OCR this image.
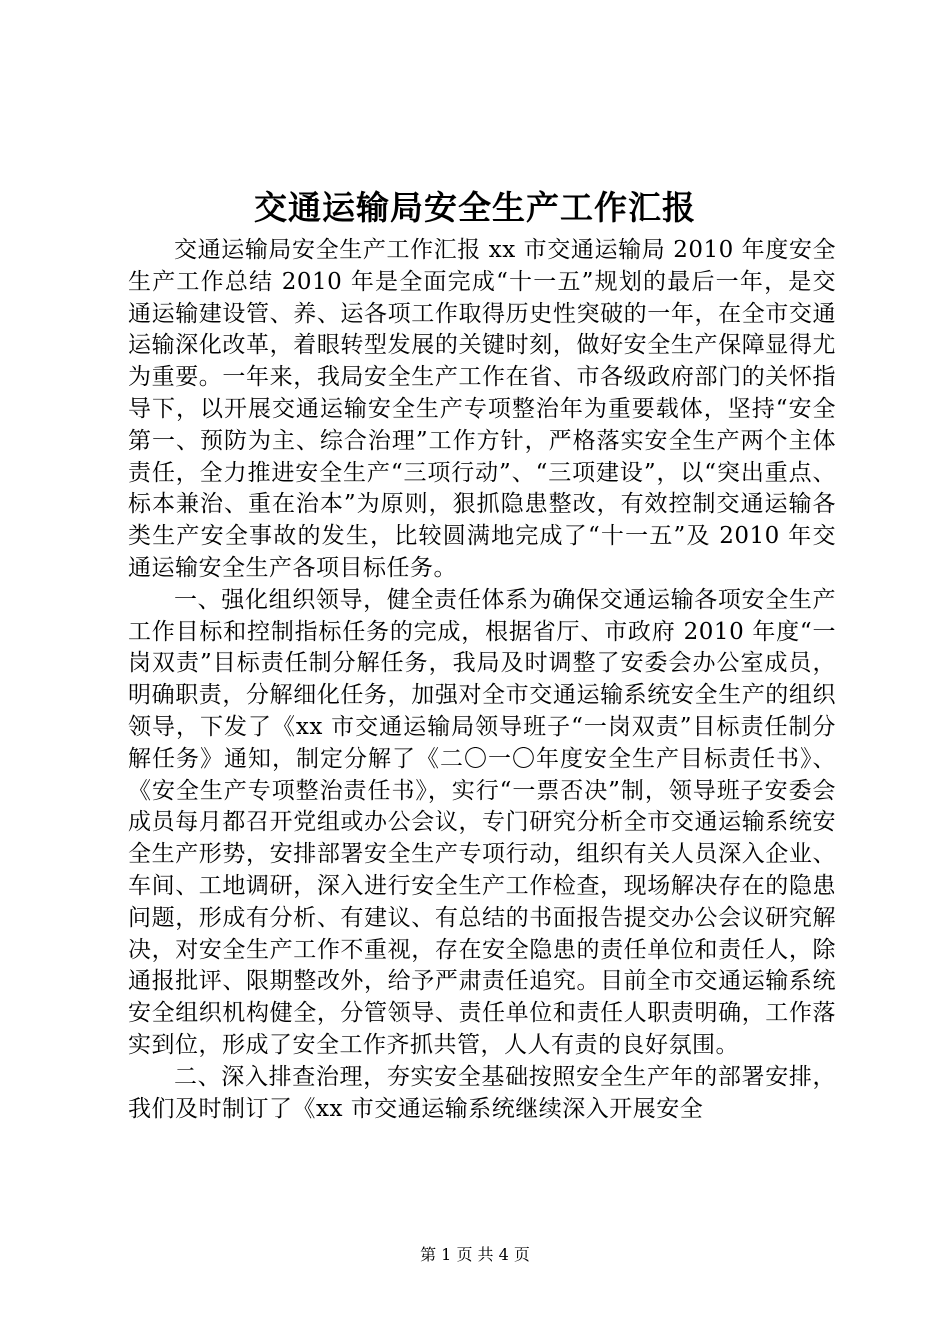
交通运输局安全生产工作汇报

交通运输局安全生产工作汇报 xx 市交通运输局 2010 年度安全生产工作总结 2010 年是全面完成“十一五”规划的最后一年，是交通运输建设管、养、运各项工作取得历史性突破的一年，在全市交通运输深化改革，着眼转型发展的关键时刻，做好安全生产保障显得尤为重要。一年来，我局安全生产工作在省、市各级政府部门的关怀指导下，以开展交通运输安全生产专项整治年为重要载体，坚持“安全第一、预防为主、综合治理”工作方针，严格落实安全生产两个主体责任，全力推进安全生产“三项行动”、“三项建设”，以“突出重点、标本兼治、重在治本”为原则，狠抓隐患整改，有效控制交通运输各类生产安全事故的发生，比较圆满地完成了“十一五”及 2010 年交通运输安全生产各项目标任务。

一、强化组织领导，健全责任体系为确保交通运输各项安全生产工作目标和控制指标任务的完成，根据省厅、市政府 2010 年度“一岗双责”目标责任制分解任务，我局及时调整了安委会办公室成员，明确职责，分解细化任务，加强对全市交通运输系统安全生产的组织领导，下发了《xx 市交通运输局领导班子“一岗双责”目标责任制分解任务》通知，制定分解了《二〇一〇年度安全生产目标责任书》、《安全生产专项整治责任书》，实行“一票否决”制，领导班子安委会成员每月都召开党组或办公会议，专门研究分析全市交通运输系统安全生产形势，安排部署安全生产专项行动，组织有关人员深入企业、车间、工地调研，深入进行安全生产工作检查，现场解决存在的隐患问题，形成有分析、有建议、有总结的书面报告提交办公会议研究解决，对安全生产工作不重视，存在安全隐患的责任单位和责任人，除通报批评、限期整改外，给予严肃责任追究。目前全市交通运输系统安全组织机构健全，分管领导、责任单位和责任人职责明确，工作落实到位，形成了安全工作齐抓共管，人人有责的良好氛围。

二、深入排查治理，夯实安全基础按照安全生产年的部署安排，我们及时制订了《xx 市交通运输系统继续深入开展安全

第 1 页 共 4 页
